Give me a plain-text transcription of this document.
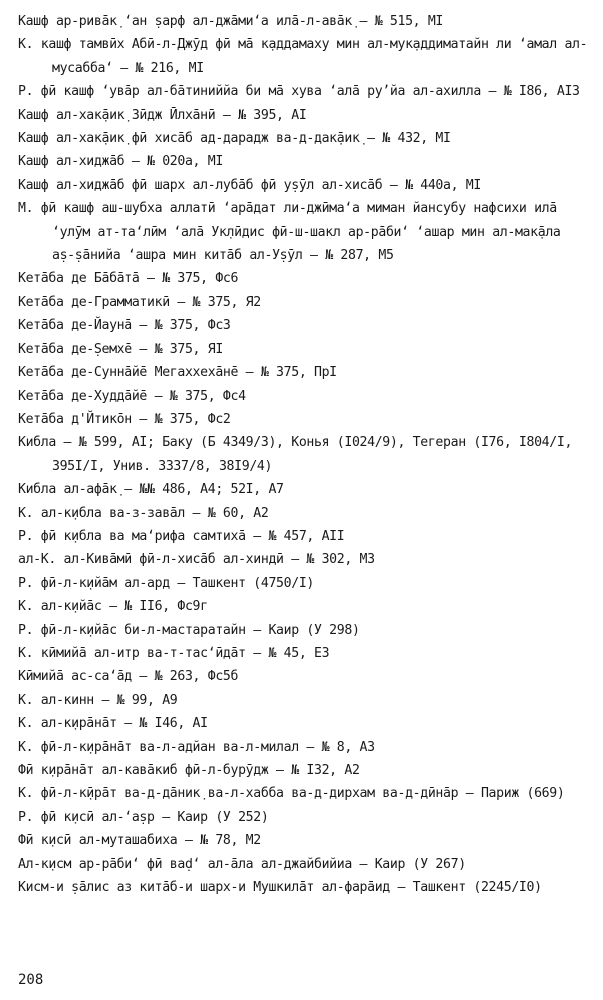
Кашф ар-ривāк̣ ʻан ṣарф ал-джāмиʻа илā-л-авāк̣ – № 515, MI

К. кашф тамвӣх Абӣ-л-Джӯд фӣ мā к̣аддамаху мин ал-мук̣аддиматайн ли ʻамал ал-мусаббаʻ – № 216, MI

Р. фӣ кашф ʻувāр ал-бāтиниййа би мā хува ʻалā руʼйа ал-ахилла – № I86, AI3

Кашф ал-хак̣āик̣ Зӣдж Ӣлхāнӣ – № 395, AI

Кашф ал-хак̣āик̣ фӣ хисāб ад-дарадж ва-д-дак̣āик̣ – № 432, MI

Кашф ал-хиджāб – № 020а, MI

Кашф ал-хиджāб фӣ шарх ал-лубāб фӣ уṣӯл ал-хисāб – № 440а, MI

М. фӣ кашф аш-шубха аллатӣ ʻарāдат ли-джӣмаʻа миман йансубу нафсихи илā ʻулӯм ат-таʻлӣм ʻалā Ук̣лӣдис фӣ-ш-шакл ар-рāбиʻ ʻашар мин ал-мак̣āла аṣ-ṣāнийа ʻашра мин китāб ал-Уṣӯл – № 287, M5

Кетāба де Бāбāтā – № 375, Фс6

Кетāба де-Грамматикӣ – № 375, Я2

Кетāба де-Йаунā – № 375, Фс3

Кетāба де-Ṣемхē – № 375, ЯI

Кетāба де-Суннāйē Мегаххехāнē – № 375, ПрI

Кетāба де-Худдāйē – № 375, Фс4

Кетāба д'Йтикōн – № 375, Фс2

Кибла – № 599, AI; Баку (Б 4349/3), Конья (I024/9), Тегеран (I76, I804/I, 395I/I, Унив. 3337/8, 38I9/4)

Кибла ал-афāк̣ – №№ 486, A4; 52I, A7

К. ал-к̣ибла ва-з-завāл – № 60, A2

Р. фӣ к̣ибла ва маʻрифа самтихā – № 457, AII

ал-К. ал-Кивāмӣ фӣ-л-хисāб ал-хиндӣ – № 302, M3

Р. фӣ-л-к̣ийāм ал-ард – Ташкент (4750/I)

К. ал-к̣ийāс – № II6, Фс9г

Р. фӣ-л-к̣ийāс би-л-мастаратайн – Каир (У 298)

К. кӣмийā ал-итр ва-т-тасʻӣдāт – № 45, Е3

Кӣмийā ас-саʻāд – № 263, Фс5б

К. ал-кинн – № 99, A9

К. ал-к̣ирāнāт – № I46, AI

К. фӣ-л-к̣ирāнāт ва-л-адйан ва-л-милал – № 8, A3

Фӣ к̣ирāнāт ал-кавāкиб фӣ-л-бурӯдж – № I32, A2

К. фӣ-л-к̣ӣрāт ва-д-дāник̣ ва-л-хабба ва-д-дирхам ва-д-дӣнāр – Париж (669)

Р. фӣ к̣исӣ ал-ʻаṣр – Каир (У 252)

Фӣ к̣исӣ ал-муташабиха – № 78, M2

Ал-к̣исм ар-рāбиʻ фӣ ваḍʻ ал-āла ал-джайбийиа – Каир (У 267)

Кисм-и ṣāлис аз китāб-и шарх-и Мушкилāт ал-фарāид – Ташкент (2245/I0)

208
